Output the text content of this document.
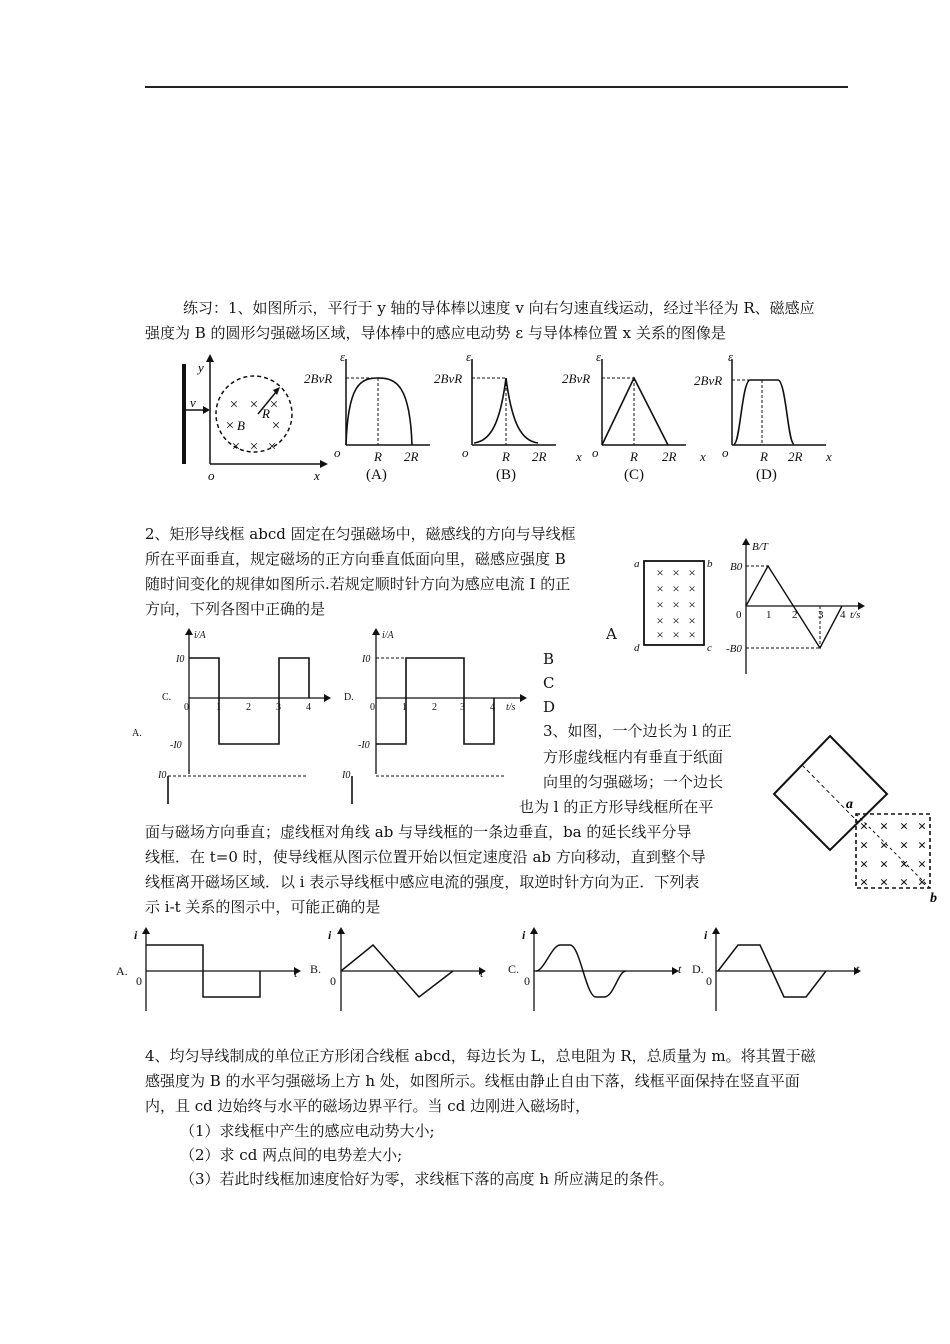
练习：1、如图所示，平行于 y 轴的导体棒以速度 v 向右匀速直线运动，经过半径为 R、磁感应
强度为 B 的圆形匀强磁场区域，导体棒中的感应电动势 ε 与导体棒位置 x 关系的图像是
× × ×
×	×
× × ×
y
v
B
R
o	x
ε
2BvR
o	R 2R
(A)
ε
2BvR
o	R 2R x
(B)
ε
2BvR
o R 2R x
(C)
ε
2BvR
o R 2R x
(D)
2、矩形导线框 abcd 固定在匀强磁场中，磁感线的方向与导线框
所在平面垂直，规定磁场的正方向垂直低面向里，磁感应强度 B
随时间变化的规律如图所示.若规定顺时针方向为感应电流 I 的正
方向，下列各图中正确的是
A
B
C
D
× × ×
× × ×
× × ×
× × ×
× × ×
a	b
c
d
B/T
B0
-B0
0 1 2 3 4 t/s
i/A
I0
-I0
0	1	2	3	4
C.
A.
I0
i/A
I0
-I0
0	1	2 3	4 t/s
D.
I0
3、如图，一个边长为 l 的正
方形虚线框内有垂直于纸面
向里的匀强磁场；一个边长
也为 l 的正方形导线框所在平
面与磁场方向垂直；虚线框对角线 ab 与导线框的一条边垂直，ba 的延长线平分导
线框．在 t=0 时，使导线框从图示位置开始以恒定速度沿 ab 方向移动，直到整个导
线框离开磁场区域．以 i 表示导线框中感应电流的强度，取逆时针方向为正．下列表
示 i-t 关系的图示中，可能正确的是
× × × ×
× × × ×
× × × ×
× × × ×
a
b
i
A.
0
t
i
B.
0
t
i
C.
0
t
i
D.
0
t
4、均匀导线制成的单位正方形闭合线框 abcd，每边长为 L，总电阻为 R，总质量为 m。将其置于磁
感强度为 B 的水平匀强磁场上方 h 处，如图所示。线框由静止自由下落，线框平面保持在竖直平面
内，且 cd 边始终与水平的磁场边界平行。当 cd 边刚进入磁场时，
（1）求线框中产生的感应电动势大小;
（2）求 cd 两点间的电势差大小;
（3）若此时线框加速度恰好为零，求线框下落的高度 h 所应满足的条件。
